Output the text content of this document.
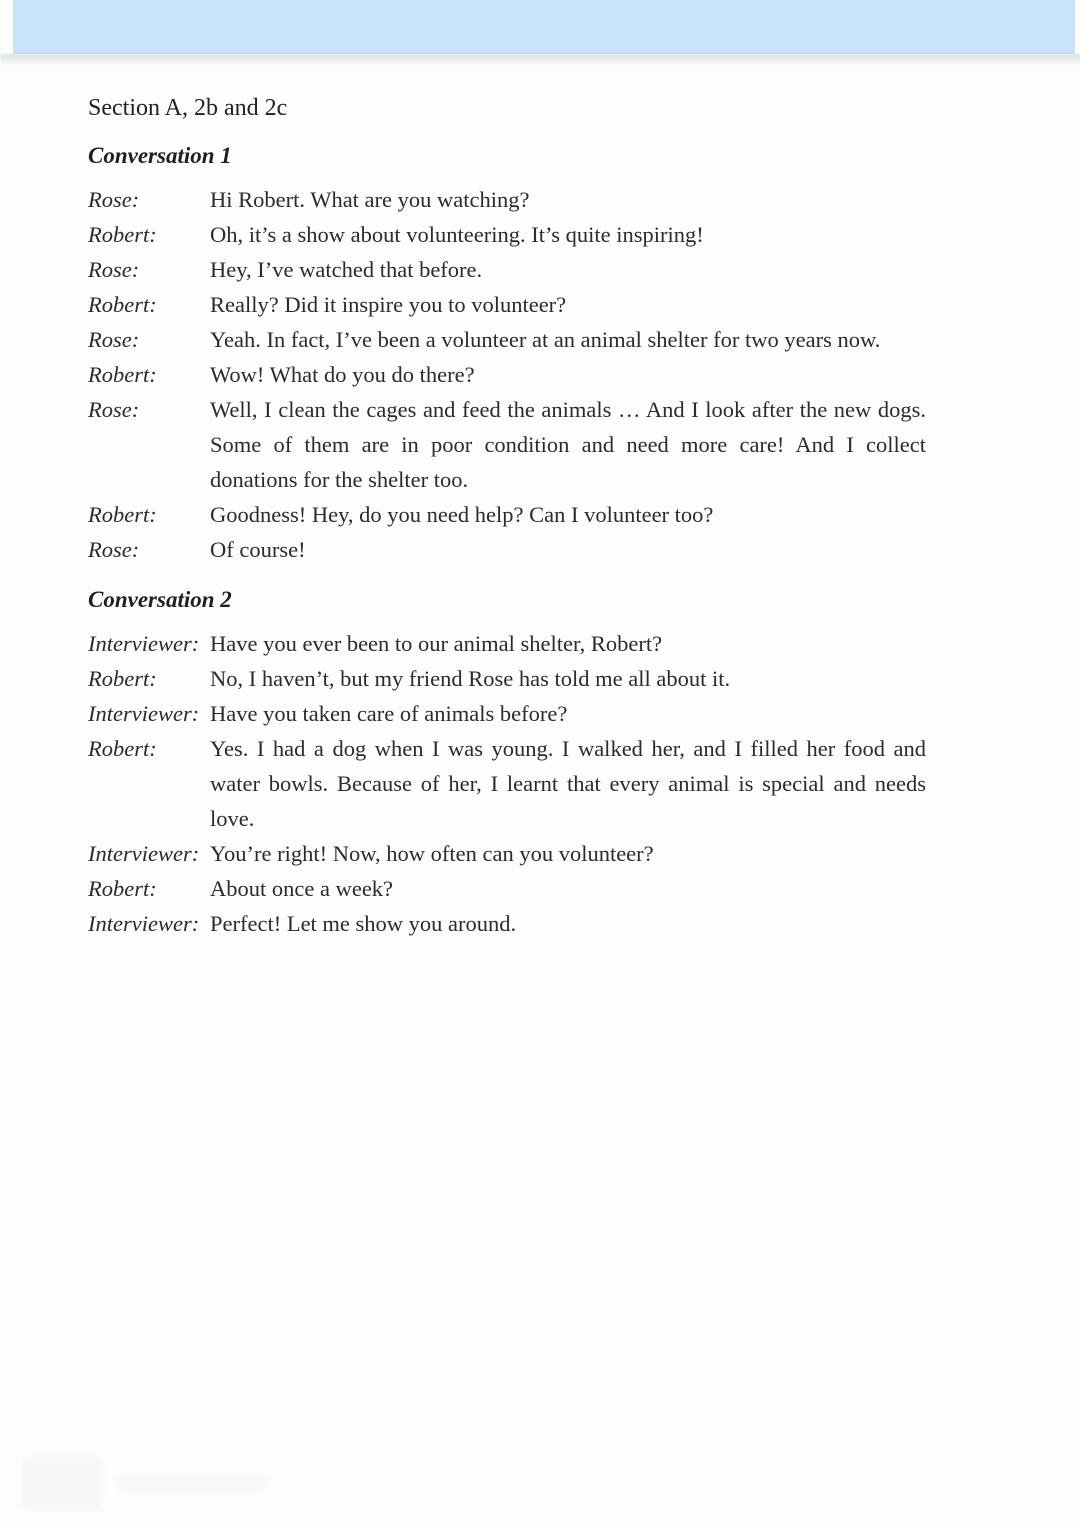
Section A, 2b and 2c
Conversation 1
Rose:	Hi Robert. What are you watching?
Robert:	Oh, it’s a show about volunteering. It’s quite inspiring!
Rose:	Hey, I’ve watched that before.
Robert:	Really? Did it inspire you to volunteer?
Rose:	Yeah. In fact, I’ve been a volunteer at an animal shelter for two years now.
Robert:	Wow! What do you do there?
Rose:	Well, I clean the cages and feed the animals … And I look after the new dogs. Some of them are in poor condition and need more care! And I collect donations for the shelter too.
Robert:	Goodness! Hey, do you need help? Can I volunteer too?
Rose:	Of course!
Conversation 2
Interviewer: Have you ever been to our animal shelter, Robert?
Robert:	No, I haven’t, but my friend Rose has told me all about it.
Interviewer: Have you taken care of animals before?
Robert:	Yes. I had a dog when I was young. I walked her, and I filled her food and water bowls. Because of her, I learnt that every animal is special and needs love.
Interviewer: You’re right! Now, how often can you volunteer?
Robert:	About once a week?
Interviewer: Perfect! Let me show you around.
